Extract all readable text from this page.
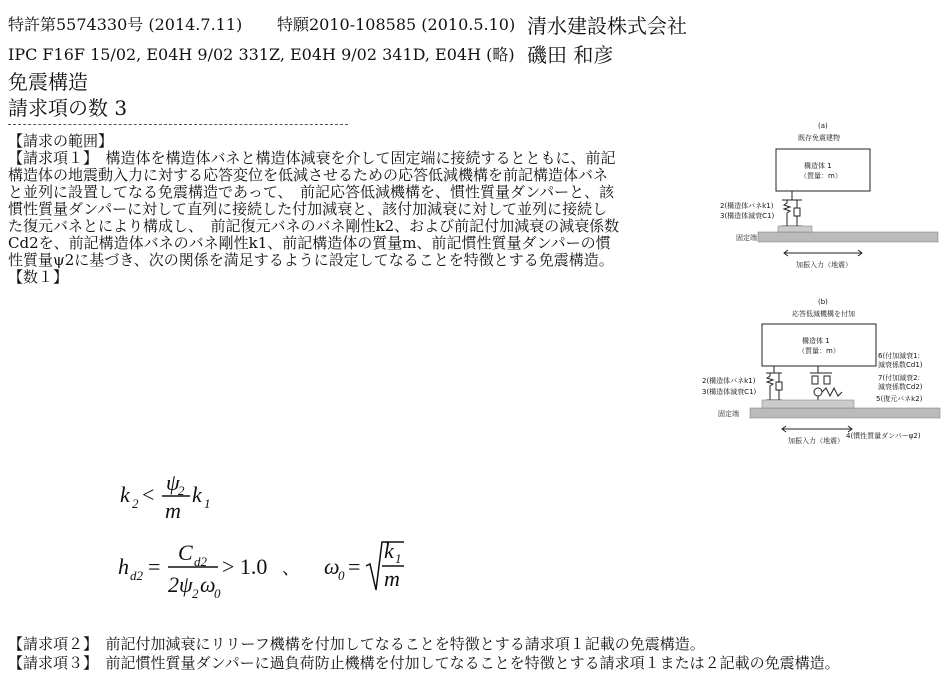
特許第5574330号 (2014.7.11) 特願2010-108585 (2010.5.10) 清水建設株式会社
IPC F16F 15/02, E04H 9/02 331Z, E04H 9/02 341D, E04H (略) 磯田 和彦
免震構造
請求項の数 3
【請求の範囲】
【請求項１】　構造体を構造体バネと構造体減衰を介して固定端に接続するとともに、前記
構造体の地震動入力に対する応答変位を低減させるための応答低減機構を前記構造体バネ
と並列に設置してなる免震構造であって、　前記応答低減機構を、慣性質量ダンパーと、該
慣性質量ダンパーに対して直列に接続した付加減衰と、該付加減衰に対して並列に接続し
た復元バネとにより構成し、　前記復元バネのバネ剛性k2、および前記付加減衰の減衰係数
Cd2を、前記構造体バネのバネ剛性k1、前記構造体の質量m、前記慣性質量ダンパーの慣
性質量ψ2に基づき、次の関係を満足するように設定してなることを特徴とする免震構造。
【数１】
k 2 < ψ
2
m
k 1
h d2 =
C d2
2ψ 2 ω
0
> 1.0 、 ω
0 =
k 1
m
【請求項２】　前記付加減衰にリリーフ機構を付加してなることを特徴とする請求項１記載の免震構造。
【請求項３】　前記慣性質量ダンパーに過負荷防止機構を付加してなることを特徴とする請求項１または２記載の免震構造。
(a)
既存免震建物
構造体 1
（質量：m）
2(構造体バネk1)
3(構造体減衰C1)
固定端
加振入力（地震）
(b)
応答低減機構を付加
構造体 1
（質量：m）
2(構造体バネk1)
3(構造体減衰C1)
6(付加減衰1:
減衰係数Cd1)
7(付加減衰2:
減衰係数Cd2)
5(復元バネk2)
固定端
加振入力（地震）
4(慣性質量ダンパーψ2)
